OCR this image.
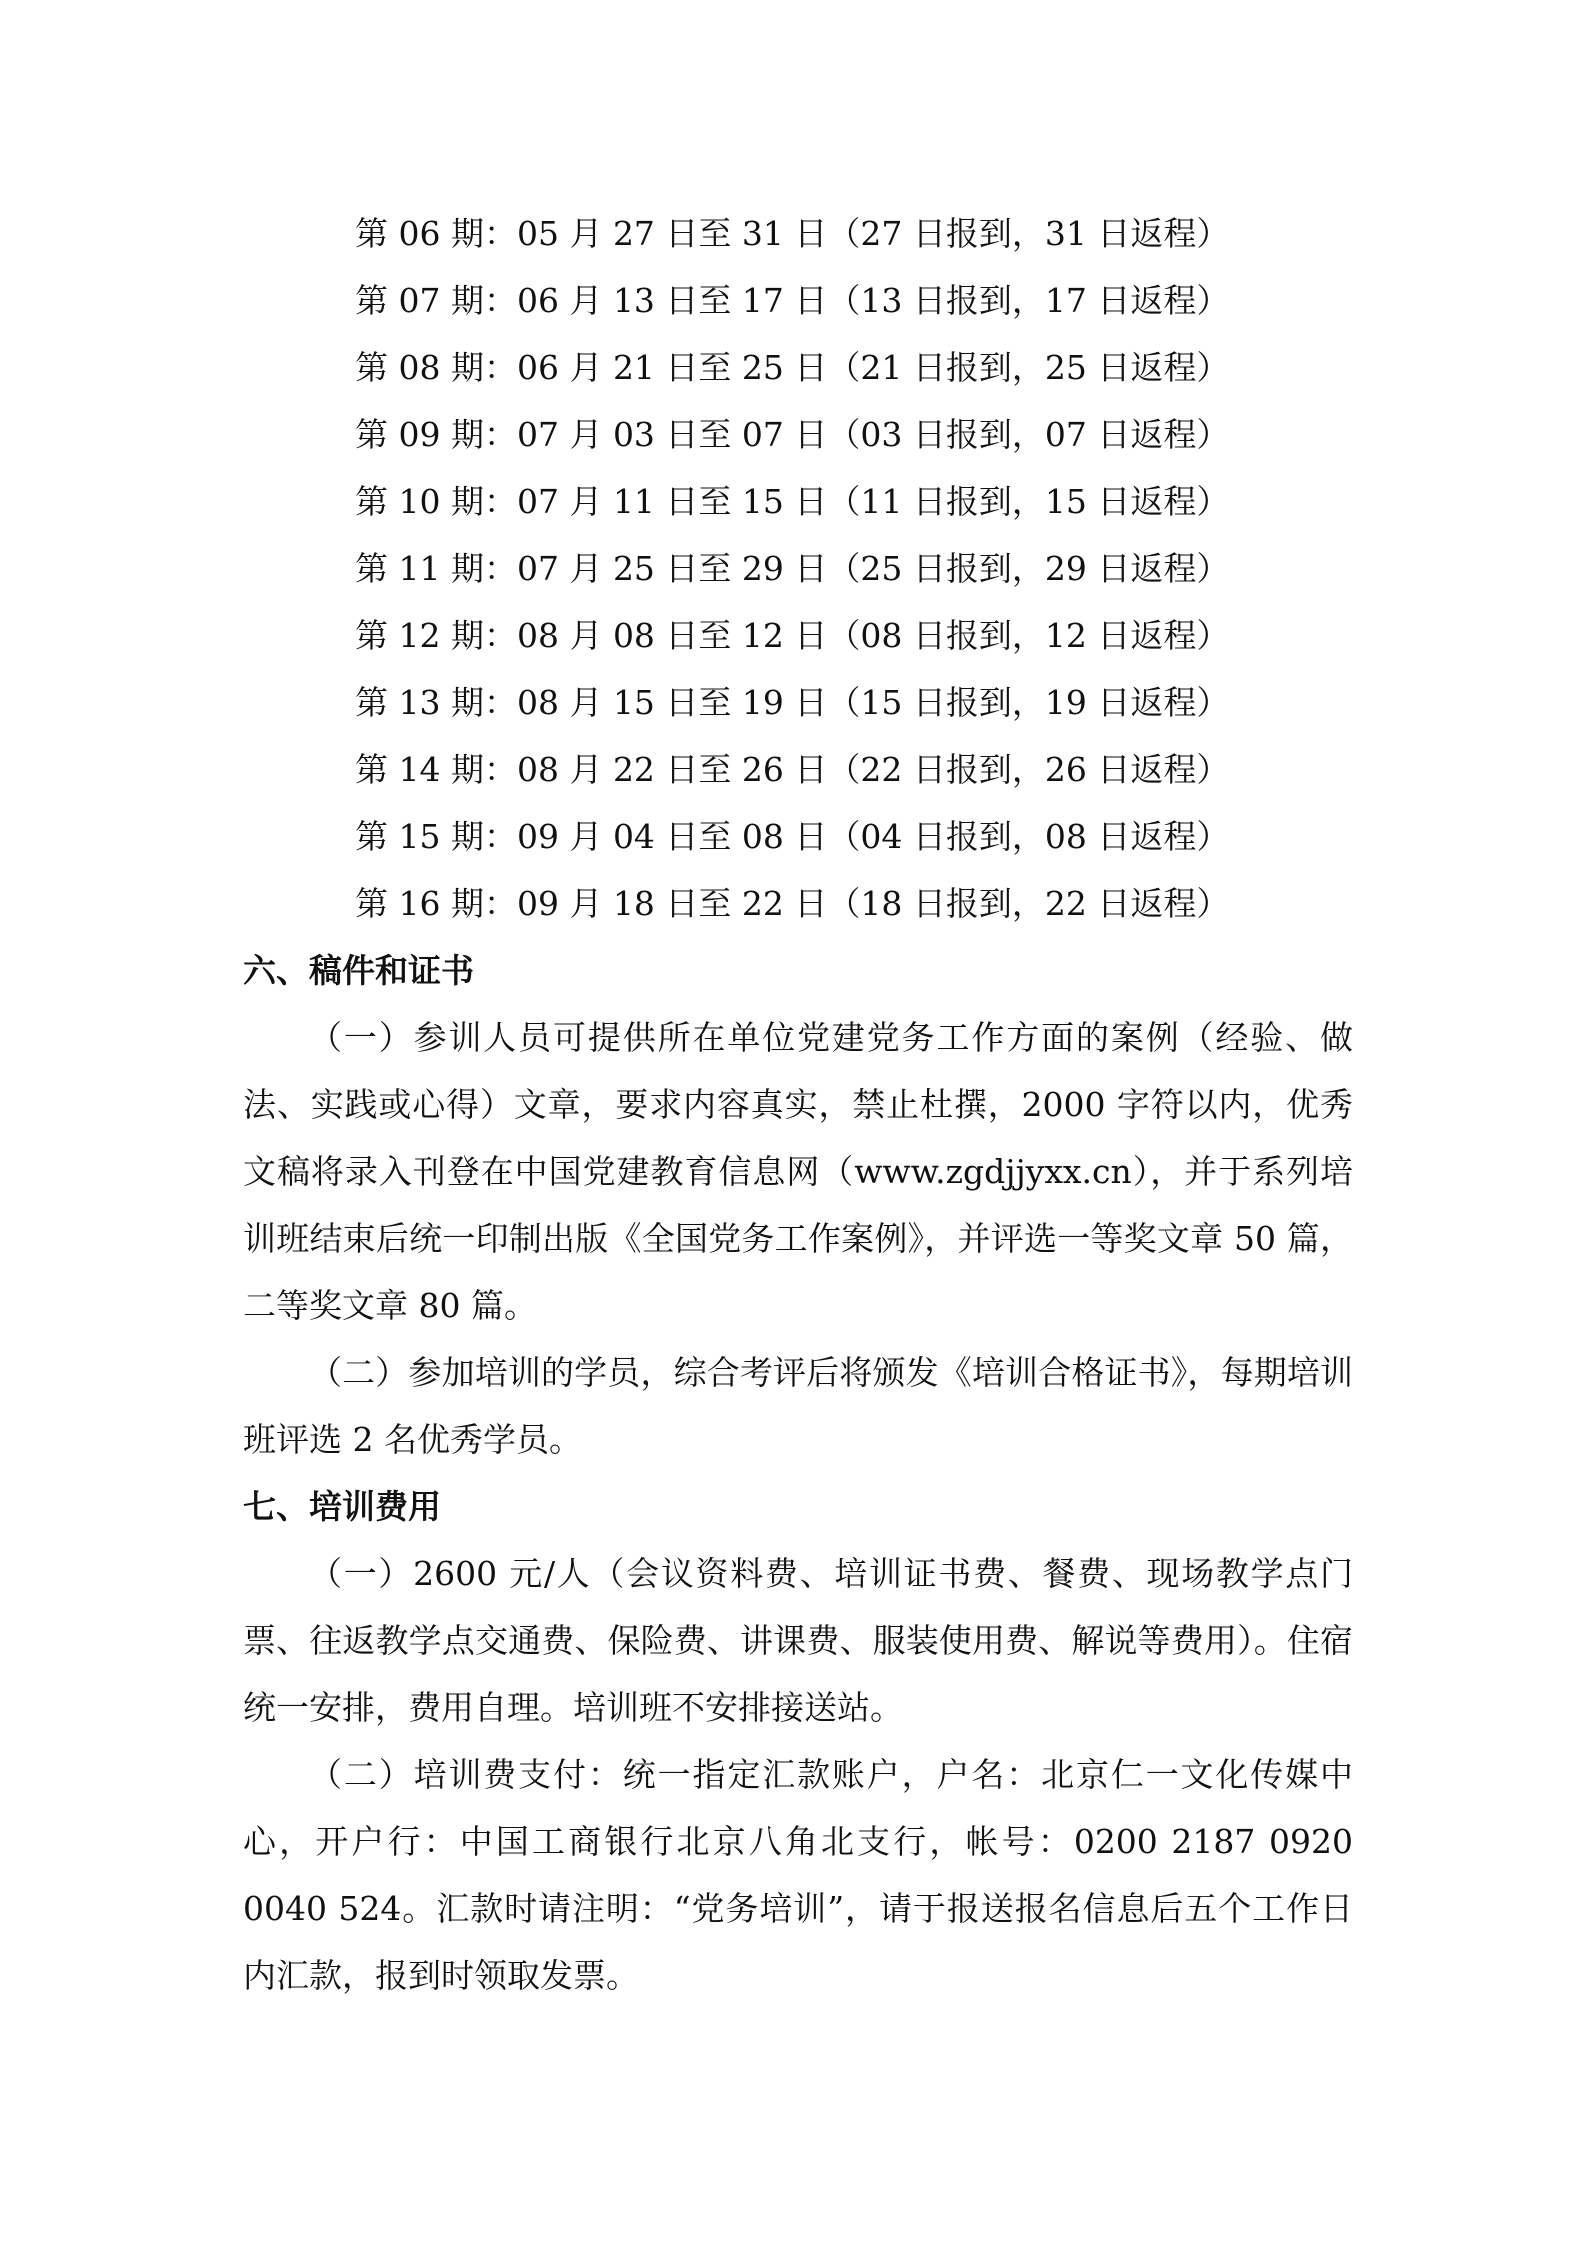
第 06 期：05 月 27 日至 31 日（27 日报到，31 日返程）
第 07 期：06 月 13 日至 17 日（13 日报到，17 日返程）
第 08 期：06 月 21 日至 25 日（21 日报到，25 日返程）
第 09 期：07 月 03 日至 07 日（03 日报到，07 日返程）
第 10 期：07 月 11 日至 15 日（11 日报到，15 日返程）
第 11 期：07 月 25 日至 29 日（25 日报到，29 日返程）
第 12 期：08 月 08 日至 12 日（08 日报到，12 日返程）
第 13 期：08 月 15 日至 19 日（15 日报到，19 日返程）
第 14 期：08 月 22 日至 26 日（22 日报到，26 日返程）
第 15 期：09 月 04 日至 08 日（04 日报到，08 日返程）
第 16 期：09 月 18 日至 22 日（18 日报到，22 日返程）
六、稿件和证书

（一）参训人员可提供所在单位党建党务工作方面的案例（经验、做法、实践或心得）文章，要求内容真实，禁止杜撰，2000 字符以内，优秀文稿将录入刊登在中国党建教育信息网（www.zgdjjyxx.cn），并于系列培训班结束后统一印制出版《全国党务工作案例》，并评选一等奖文章 50 篇，二等奖文章 80 篇。

（二）参加培训的学员，综合考评后将颁发《培训合格证书》，每期培训班评选 2 名优秀学员。

七、培训费用

（一）2600 元/人（会议资料费、培训证书费、餐费、现场教学点门票、往返教学点交通费、保险费、讲课费、服装使用费、解说等费用）。住宿统一安排，费用自理。培训班不安排接送站。

（二）培训费支付：统一指定汇款账户，户名：北京仁一文化传媒中心，开户行：中国工商银行北京八角北支行，帐号：0200 2187 0920 0040 524。汇款时请注明：“党务培训”，请于报送报名信息后五个工作日内汇款，报到时领取发票。
